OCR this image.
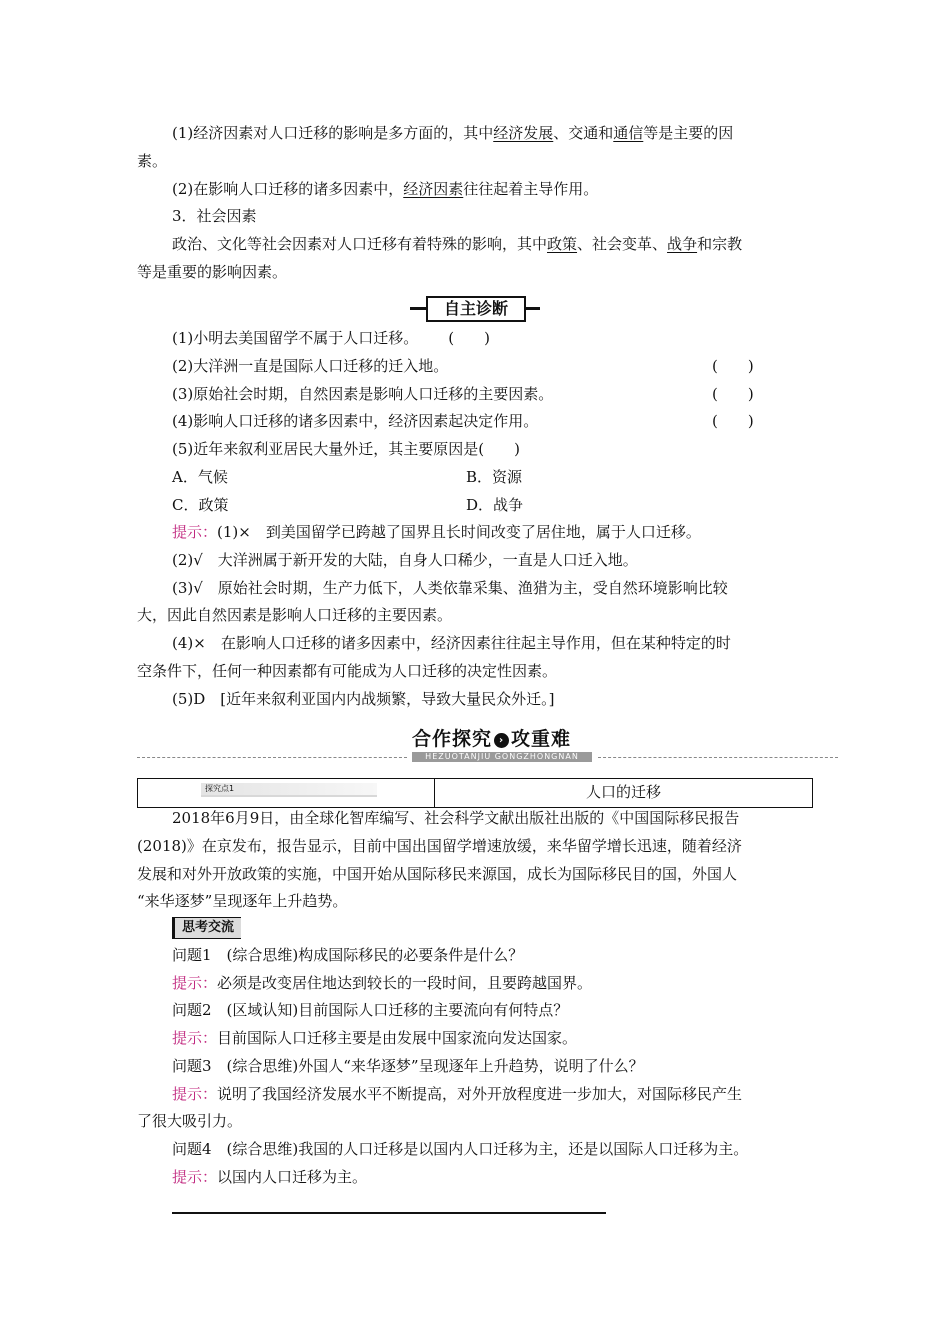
(1)经济因素对人口迁移的影响是多方面的，其中经济发展、交通和通信等是主要的因
素。
(2)在影响人口迁移的诸多因素中，经济因素往往起着主导作用。
3．社会因素
政治、文化等社会因素对人口迁移有着特殊的影响，其中政策、社会变革、战争和宗教
等是重要的影响因素。
自主诊断
(1)小明去美国留学不属于人口迁移。 (　　)
(2)大洋洲一直是国际人口迁移的迁入地。	(　　)
(3)原始社会时期，自然因素是影响人口迁移的主要因素。	(　　)
(4)影响人口迁移的诸多因素中，经济因素起决定作用。	(　　)
(5)近年来叙利亚居民大量外迁，其主要原因是(　　)
A．气候	B．资源
C．政策	D．战争
提示：(1)×　到美国留学已跨越了国界且长时间改变了居住地，属于人口迁移。
(2)√　大洋洲属于新开发的大陆，自身人口稀少，一直是人口迁入地。
(3)√　原始社会时期，生产力低下，人类依靠采集、渔猎为主，受自然环境影响比较
大，因此自然因素是影响人口迁移的主要因素。
(4)×　在影响人口迁移的诸多因素中，经济因素往往起主导作用，但在某种特定的时
空条件下，任何一种因素都有可能成为人口迁移的决定性因素。
(5)D　[近年来叙利亚国内内战频繁，导致大量民众外迁。]
合作探究 › 攻重难
HEZUOTANJIU GONGZHONGNAN
探究点1	人口的迁移
2018年6月9日，由全球化智库编写、社会科学文献出版社出版的《中国国际移民报告
(2018)》在京发布，报告显示，目前中国出国留学增速放缓，来华留学增长迅速，随着经济
发展和对外开放政策的实施，中国开始从国际移民来源国，成长为国际移民目的国，外国人
“来华逐梦”呈现逐年上升趋势。
思考交流
问题1　(综合思维)构成国际移民的必要条件是什么？
提示：必须是改变居住地达到较长的一段时间，且要跨越国界。
问题2　(区域认知)目前国际人口迁移的主要流向有何特点？
提示：目前国际人口迁移主要是由发展中国家流向发达国家。
问题3　(综合思维)外国人“来华逐梦”呈现逐年上升趋势，说明了什么？
提示：说明了我国经济发展水平不断提高，对外开放程度进一步加大，对国际移民产生
了很大吸引力。
问题4　(综合思维)我国的人口迁移是以国内人口迁移为主，还是以国际人口迁移为主。
提示：以国内人口迁移为主。
